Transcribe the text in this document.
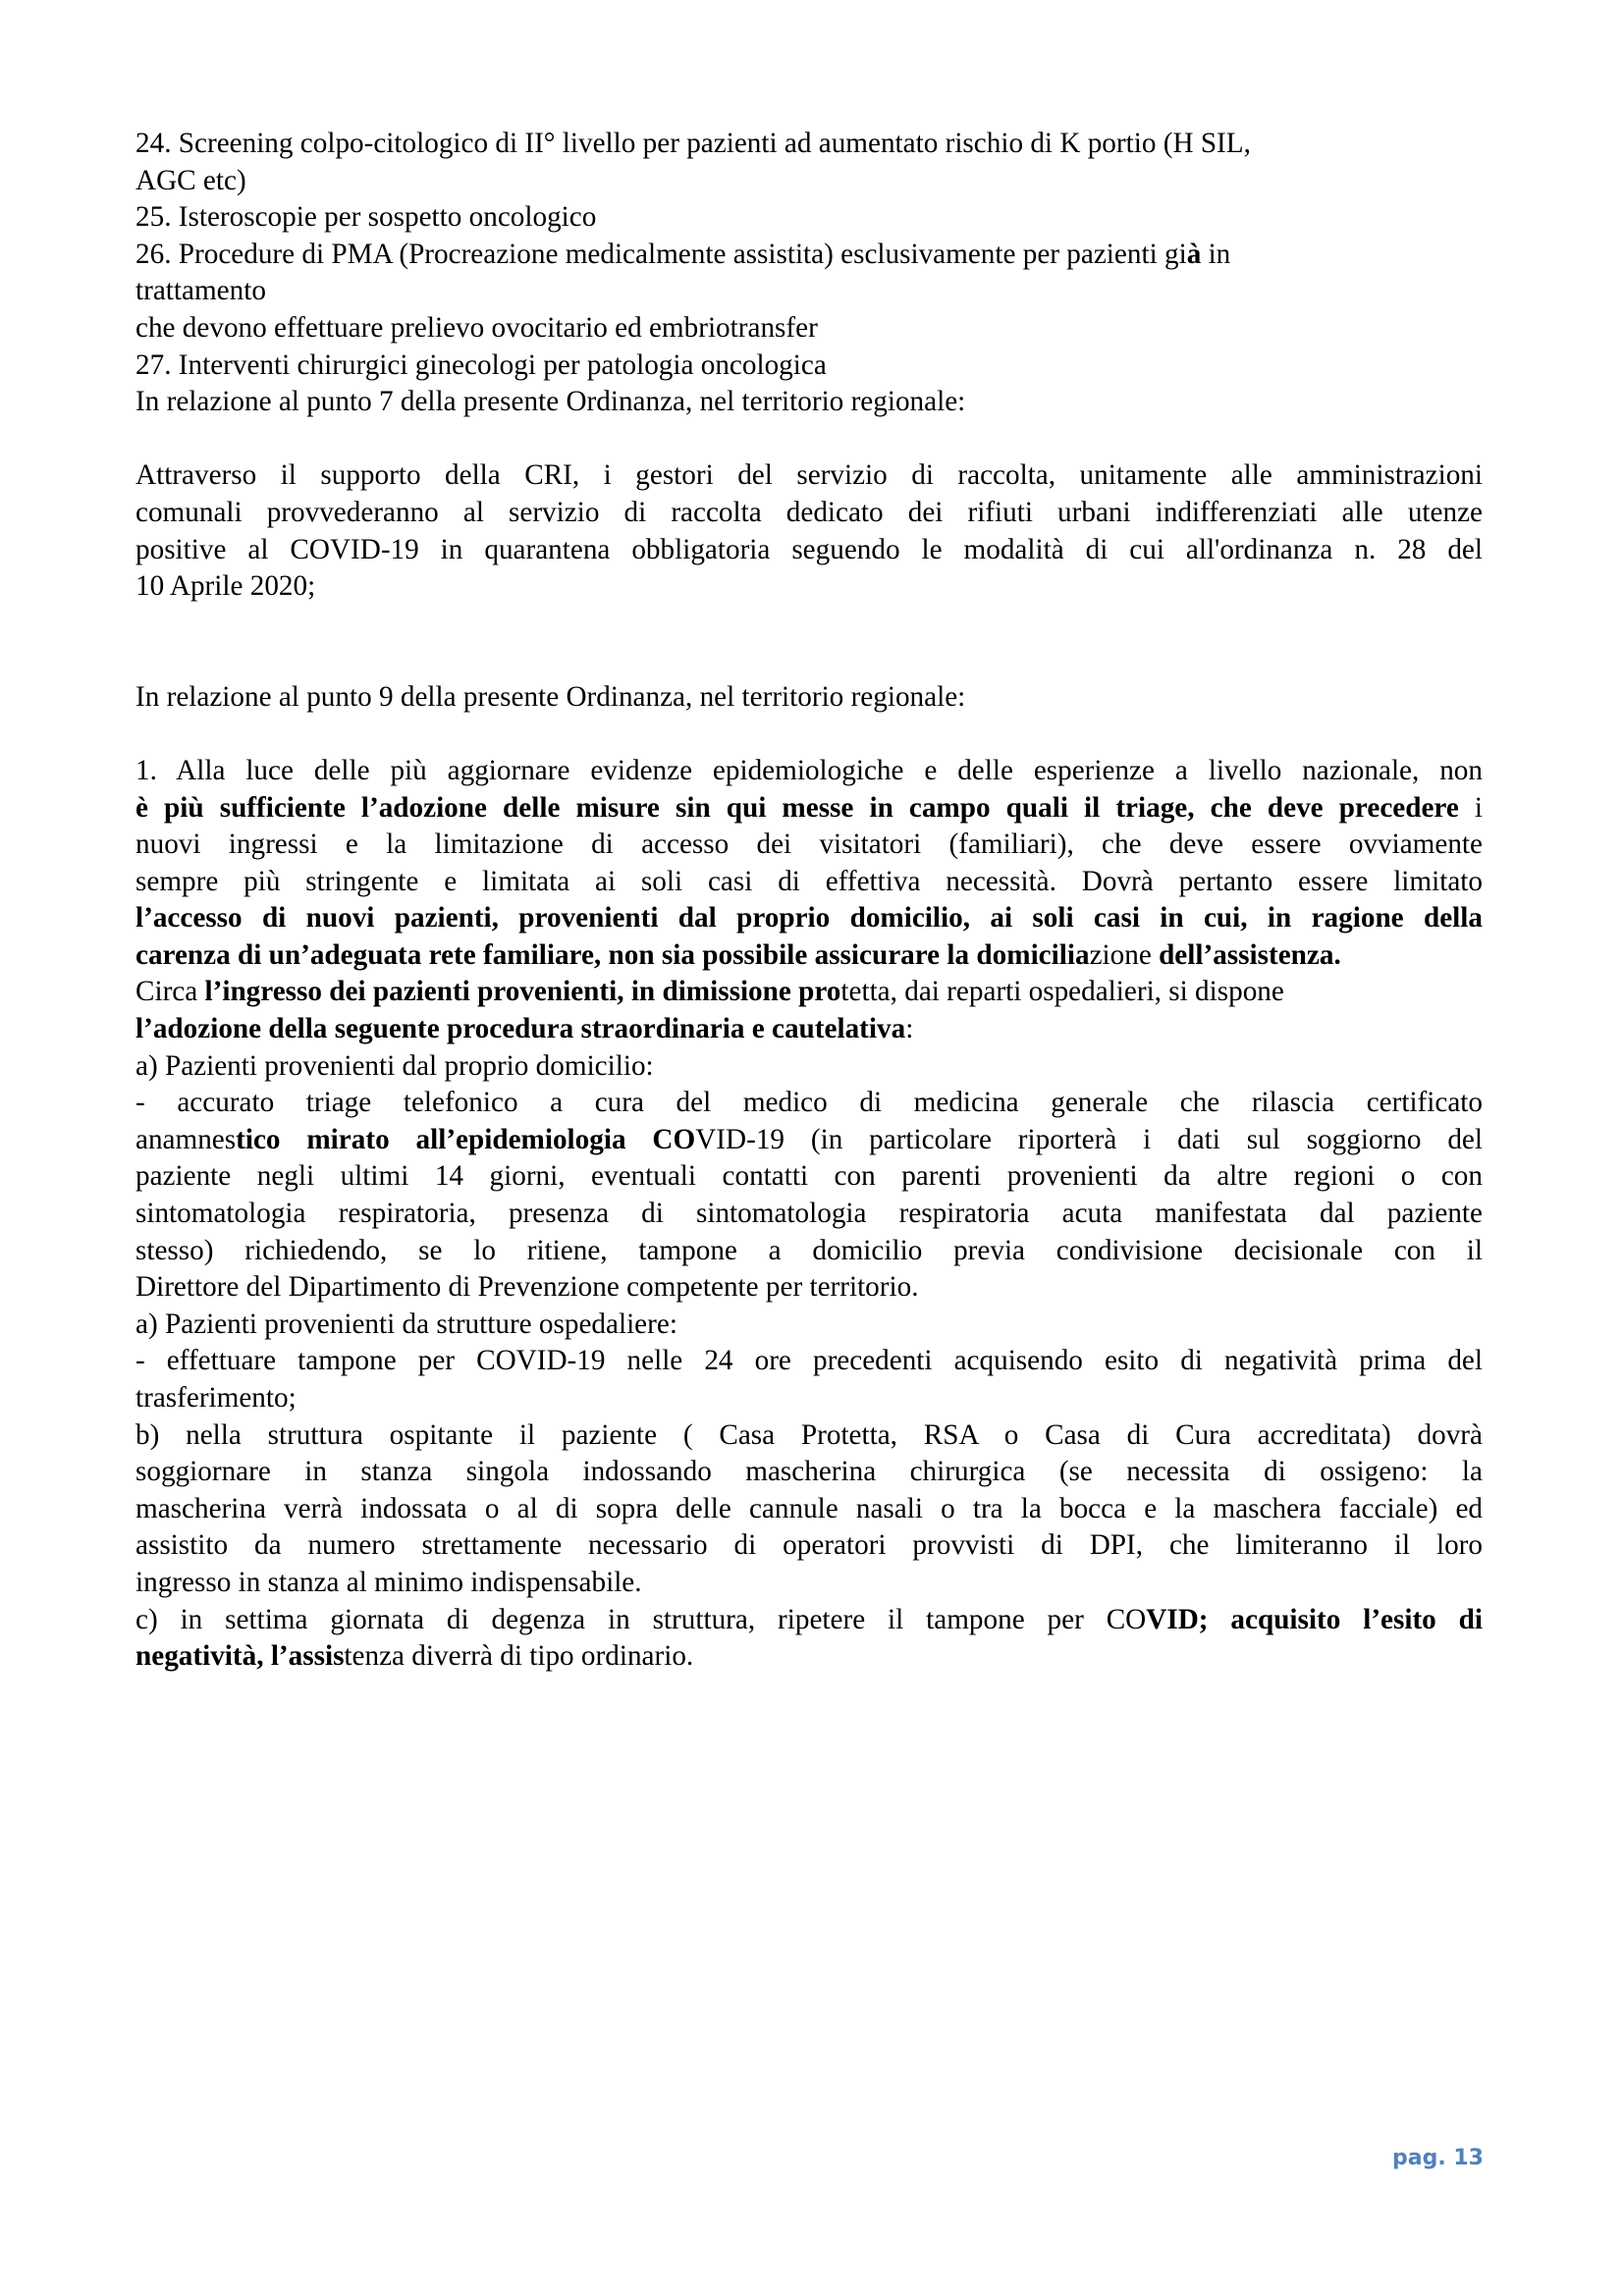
24. Screening colpo-citologico di II° livello per pazienti ad aumentato rischio di K portio (H SIL,
AGC etc)
25. Isteroscopie per sospetto oncologico
26. Procedure di PMA (Procreazione medicalmente assistita) esclusivamente per pazienti già in
trattamento
che devono effettuare prelievo ovocitario ed embriotransfer
27. Interventi chirurgici ginecologi per patologia oncologica
In relazione al punto 7 della presente Ordinanza, nel territorio regionale:
Attraverso il supporto della CRI, i gestori del servizio di raccolta, unitamente alle amministrazioni
comunali provvederanno al servizio di raccolta dedicato dei rifiuti urbani indifferenziati alle utenze
positive al COVID-19 in quarantena obbligatoria seguendo le modalità di cui all'ordinanza n. 28 del
10 Aprile 2020;
In relazione al punto 9 della presente Ordinanza, nel territorio regionale:
1. Alla luce delle più aggiornare evidenze epidemiologiche e delle esperienze a livello nazionale, non
è più sufficiente l’adozione delle misure sin qui messe in campo quali il triage, che deve precedere i
nuovi ingressi e la limitazione di accesso dei visitatori (familiari), che deve essere ovviamente
sempre più stringente e limitata ai soli casi di effettiva necessità. Dovrà pertanto essere limitato
l’accesso di nuovi pazienti, provenienti dal proprio domicilio, ai soli casi in cui, in ragione della
carenza di un’adeguata rete familiare, non sia possibile assicurare la domiciliazione dell’assistenza.
Circa l’ingresso dei pazienti provenienti, in dimissione protetta, dai reparti ospedalieri, si dispone
l’adozione della seguente procedura straordinaria e cautelativa:
a) Pazienti provenienti dal proprio domicilio:
- accurato triage telefonico a cura del medico di medicina generale che rilascia certificato
anamnestico mirato all’epidemiologia COVID-19 (in particolare riporterà i dati sul soggiorno del
paziente negli ultimi 14 giorni, eventuali contatti con parenti provenienti da altre regioni o con
sintomatologia respiratoria, presenza di sintomatologia respiratoria acuta manifestata dal paziente
stesso) richiedendo, se lo ritiene, tampone a domicilio previa condivisione decisionale con il
Direttore del Dipartimento di Prevenzione competente per territorio.
a) Pazienti provenienti da strutture ospedaliere:
- effettuare tampone per COVID-19 nelle 24 ore precedenti acquisendo esito di negatività prima del
trasferimento;
b) nella struttura ospitante il paziente ( Casa Protetta, RSA o Casa di Cura accreditata) dovrà
soggiornare in stanza singola indossando mascherina chirurgica (se necessita di ossigeno: la
mascherina verrà indossata o al di sopra delle cannule nasali o tra la bocca e la maschera facciale) ed
assistito da numero strettamente necessario di operatori provvisti di DPI, che limiteranno il loro
ingresso in stanza al minimo indispensabile.
c) in settima giornata di degenza in struttura, ripetere il tampone per COVID; acquisito l’esito di
negatività, l’assistenza diverrà di tipo ordinario.
pag. 13
